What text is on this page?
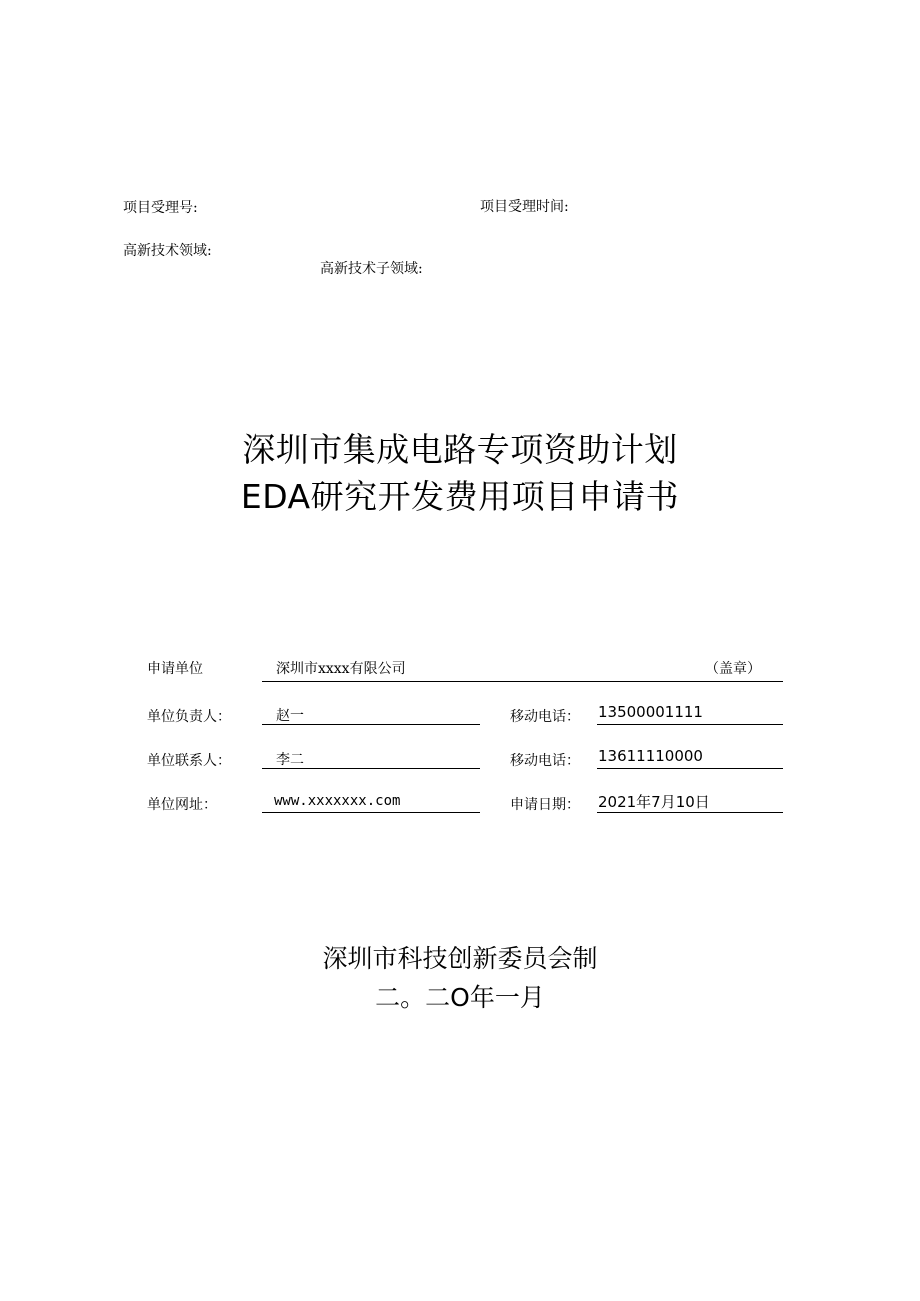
项目受理号:	项目受理时间:
高新技术领域:
高新技术子领域:
深圳市集成电路专项资助计划
EDA研究开发费用项目申请书
申请单位	深圳市xxxx有限公司	（盖章）
单位负责人：	赵一	移动电话： 13500001111
单位联系人：	李二	移动电话： 13611110000
单位网址：	www.xxxxxxx.com	申请日期： 2021年7月10日
深圳市科技创新委员会制
二。二O年一月
